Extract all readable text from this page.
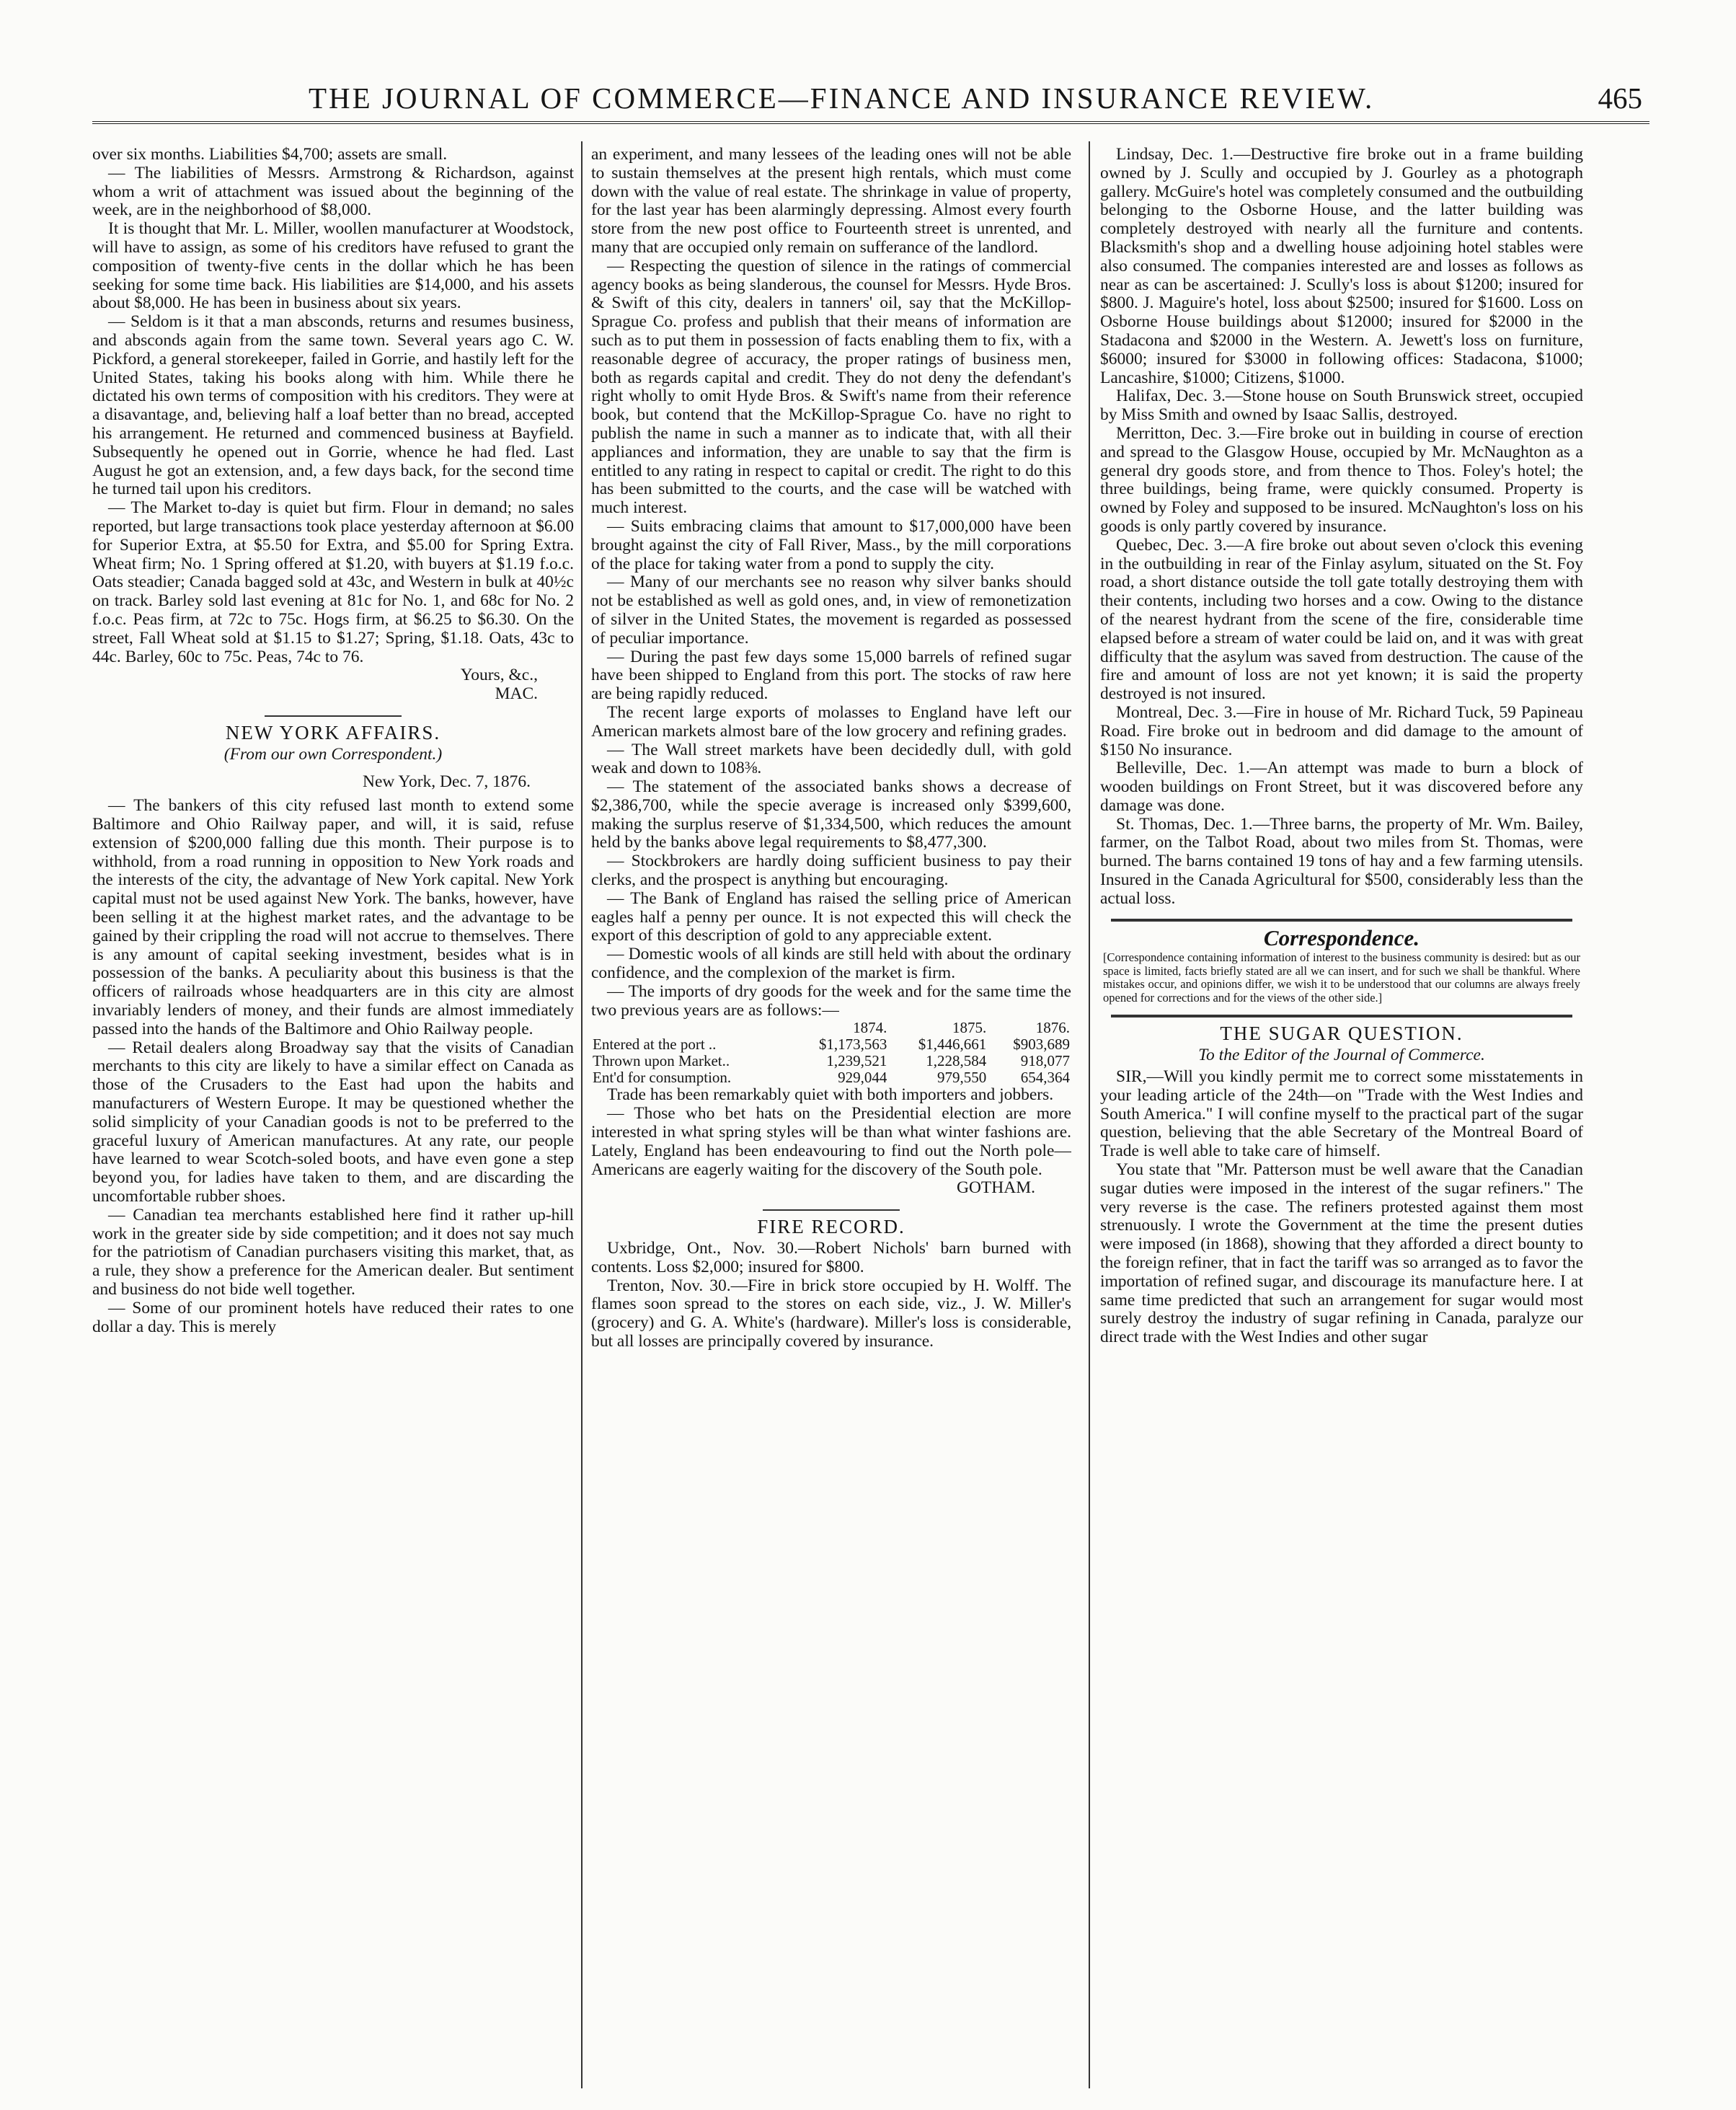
THE JOURNAL OF COMMERCE—FINANCE AND INSURANCE REVIEW.	465

over six months. Liabilities $4,700; assets are small.

— The liabilities of Messrs. Armstrong & Richardson, against whom a writ of attachment was issued about the beginning of the week, are in the neighborhood of $8,000.

It is thought that Mr. L. Miller, woollen manufacturer at Woodstock, will have to assign, as some of his creditors have refused to grant the composition of twenty-five cents in the dollar which he has been seeking for some time back. His liabilities are $14,000, and his assets about $8,000. He has been in business about six years.

— Seldom is it that a man absconds, returns and resumes business, and absconds again from the same town. Several years ago C. W. Pickford, a general storekeeper, failed in Gorrie, and hastily left for the United States, taking his books along with him. While there he dictated his own terms of composition with his creditors. They were at a disavantage, and, believing half a loaf better than no bread, accepted his arrangement. He returned and commenced business at Bayfield. Subsequently he opened out in Gorrie, whence he had fled. Last August he got an extension, and, a few days back, for the second time he turned tail upon his creditors.

— The Market to-day is quiet but firm. Flour in demand; no sales reported, but large transactions took place yesterday afternoon at $6.00 for Superior Extra, at $5.50 for Extra, and $5.00 for Spring Extra. Wheat firm; No. 1 Spring offered at $1.20, with buyers at $1.19 f.o.c. Oats steadier; Canada bagged sold at 43c, and Western in bulk at 40½c on track. Barley sold last evening at 81c for No. 1, and 68c for No. 2 f.o.c. Peas firm, at 72c to 75c. Hogs firm, at $6.25 to $6.30. On the street, Fall Wheat sold at $1.15 to $1.27; Spring, $1.18. Oats, 43c to 44c. Barley, 60c to 75c. Peas, 74c to 76.

Yours, &c.,
MAC.
NEW YORK AFFAIRS.
(From our own Correspondent.)
New York, Dec. 7, 1876.

— The bankers of this city refused last month to extend some Baltimore and Ohio Railway paper, and will, it is said, refuse extension of $200,000 falling due this month. Their purpose is to withhold, from a road running in opposition to New York roads and the interests of the city, the advantage of New York capital. New York capital must not be used against New York. The banks, however, have been selling it at the highest market rates, and the advantage to be gained by their crippling the road will not accrue to themselves. There is any amount of capital seeking investment, besides what is in possession of the banks. A peculiarity about this business is that the officers of railroads whose headquarters are in this city are almost invariably lenders of money, and their funds are almost immediately passed into the hands of the Baltimore and Ohio Railway people.

— Retail dealers along Broadway say that the visits of Canadian merchants to this city are likely to have a similar effect on Canada as those of the Crusaders to the East had upon the habits and manufacturers of Western Europe. It may be questioned whether the solid simplicity of your Canadian goods is not to be preferred to the graceful luxury of American manufactures. At any rate, our people have learned to wear Scotch-soled boots, and have even gone a step beyond you, for ladies have taken to them, and are discarding the uncomfortable rubber shoes.

— Canadian tea merchants established here find it rather up-hill work in the greater side by side competition; and it does not say much for the patriotism of Canadian purchasers visiting this market, that, as a rule, they show a preference for the American dealer. But sentiment and business do not bide well together.

— Some of our prominent hotels have reduced their rates to one dollar a day. This is merely

an experiment, and many lessees of the leading ones will not be able to sustain themselves at the present high rentals, which must come down with the value of real estate. The shrinkage in value of property, for the last year has been alarmingly depressing. Almost every fourth store from the new post office to Fourteenth street is unrented, and many that are occupied only remain on sufferance of the landlord.

— Respecting the question of silence in the ratings of commercial agency books as being slanderous, the counsel for Messrs. Hyde Bros. & Swift of this city, dealers in tanners' oil, say that the McKillop-Sprague Co. profess and publish that their means of information are such as to put them in possession of facts enabling them to fix, with a reasonable degree of accuracy, the proper ratings of business men, both as regards capital and credit. They do not deny the defendant's right wholly to omit Hyde Bros. & Swift's name from their reference book, but contend that the McKillop-Sprague Co. have no right to publish the name in such a manner as to indicate that, with all their appliances and information, they are unable to say that the firm is entitled to any rating in respect to capital or credit. The right to do this has been submitted to the courts, and the case will be watched with much interest.

— Suits embracing claims that amount to $17,000,000 have been brought against the city of Fall River, Mass., by the mill corporations of the place for taking water from a pond to supply the city.

— Many of our merchants see no reason why silver banks should not be established as well as gold ones, and, in view of remonetization of silver in the United States, the movement is regarded as possessed of peculiar importance.

— During the past few days some 15,000 barrels of refined sugar have been shipped to England from this port. The stocks of raw here are being rapidly reduced.

The recent large exports of molasses to England have left our American markets almost bare of the low grocery and refining grades.

— The Wall street markets have been decidedly dull, with gold weak and down to 108⅜.

— The statement of the associated banks shows a decrease of $2,386,700, while the specie average is increased only $399,600, making the surplus reserve of $1,334,500, which reduces the amount held by the banks above legal requirements to $8,477,300.

— Stockbrokers are hardly doing sufficient business to pay their clerks, and the prospect is anything but encouraging.

— The Bank of England has raised the selling price of American eagles half a penny per ounce. It is not expected this will check the export of this description of gold to any appreciable extent.

— Domestic wools of all kinds are still held with about the ordinary confidence, and the complexion of the market is firm.

— The imports of dry goods for the week and for the same time the two previous years are as follows:—

	1874.	1875.	1876.
Entered at the port ..	$1,173,563	$1,446,661	$903,689
Thrown upon Market..	1,239,521	1,228,584	918,077
Ent'd for consumption.	929,044	979,550	654,364

Trade has been remarkably quiet with both importers and jobbers.

— Those who bet hats on the Presidential election are more interested in what spring styles will be than what winter fashions are. Lately, England has been endeavouring to find out the North pole—Americans are eagerly waiting for the discovery of the South pole.

GOTHAM.
FIRE RECORD.

Uxbridge, Ont., Nov. 30.—Robert Nichols' barn burned with contents. Loss $2,000; insured for $800.

Trenton, Nov. 30.—Fire in brick store occupied by H. Wolff. The flames soon spread to the stores on each side, viz., J. W. Miller's (grocery) and G. A. White's (hardware). Miller's loss is considerable, but all losses are principally covered by insurance.

Lindsay, Dec. 1.—Destructive fire broke out in a frame building owned by J. Scully and occupied by J. Gourley as a photograph gallery. McGuire's hotel was completely consumed and the outbuilding belonging to the Osborne House, and the latter building was completely destroyed with nearly all the furniture and contents. Blacksmith's shop and a dwelling house adjoining hotel stables were also consumed. The companies interested are and losses as follows as near as can be ascertained: J. Scully's loss is about $1200; insured for $800. J. Maguire's hotel, loss about $2500; insured for $1600. Loss on Osborne House buildings about $12000; insured for $2000 in the Stadacona and $2000 in the Western. A. Jewett's loss on furniture, $6000; insured for $3000 in following offices: Stadacona, $1000; Lancashire, $1000; Citizens, $1000.

Halifax, Dec. 3.—Stone house on South Brunswick street, occupied by Miss Smith and owned by Isaac Sallis, destroyed.

Merritton, Dec. 3.—Fire broke out in building in course of erection and spread to the Glasgow House, occupied by Mr. McNaughton as a general dry goods store, and from thence to Thos. Foley's hotel; the three buildings, being frame, were quickly consumed. Property is owned by Foley and supposed to be insured. McNaughton's loss on his goods is only partly covered by insurance.

Quebec, Dec. 3.—A fire broke out about seven o'clock this evening in the outbuilding in rear of the Finlay asylum, situated on the St. Foy road, a short distance outside the toll gate totally destroying them with their contents, including two horses and a cow. Owing to the distance of the nearest hydrant from the scene of the fire, considerable time elapsed before a stream of water could be laid on, and it was with great difficulty that the asylum was saved from destruction. The cause of the fire and amount of loss are not yet known; it is said the property destroyed is not insured.

Montreal, Dec. 3.—Fire in house of Mr. Richard Tuck, 59 Papineau Road. Fire broke out in bedroom and did damage to the amount of $150 No insurance.

Belleville, Dec. 1.—An attempt was made to burn a block of wooden buildings on Front Street, but it was discovered before any damage was done.

St. Thomas, Dec. 1.—Three barns, the property of Mr. Wm. Bailey, farmer, on the Talbot Road, about two miles from St. Thomas, were burned. The barns contained 19 tons of hay and a few farming utensils. Insured in the Canada Agricultural for $500, considerably less than the actual loss.

Correspondence.
[Correspondence containing information of interest to the business community is desired: but as our space is limited, facts briefly stated are all we can insert, and for such we shall be thankful. Where mistakes occur, and opinions differ, we wish it to be understood that our columns are always freely opened for corrections and for the views of the other side.]
THE SUGAR QUESTION.
To the Editor of the Journal of Commerce.

SIR,—Will you kindly permit me to correct some misstatements in your leading article of the 24th—on "Trade with the West Indies and South America." I will confine myself to the practical part of the sugar question, believing that the able Secretary of the Montreal Board of Trade is well able to take care of himself.

You state that "Mr. Patterson must be well aware that the Canadian sugar duties were imposed in the interest of the sugar refiners." The very reverse is the case. The refiners protested against them most strenuously. I wrote the Government at the time the present duties were imposed (in 1868), showing that they afforded a direct bounty to the foreign refiner, that in fact the tariff was so arranged as to favor the importation of refined sugar, and discourage its manufacture here. I at same time predicted that such an arrangement for sugar would most surely destroy the industry of sugar refining in Canada, paralyze our direct trade with the West Indies and other sugar
